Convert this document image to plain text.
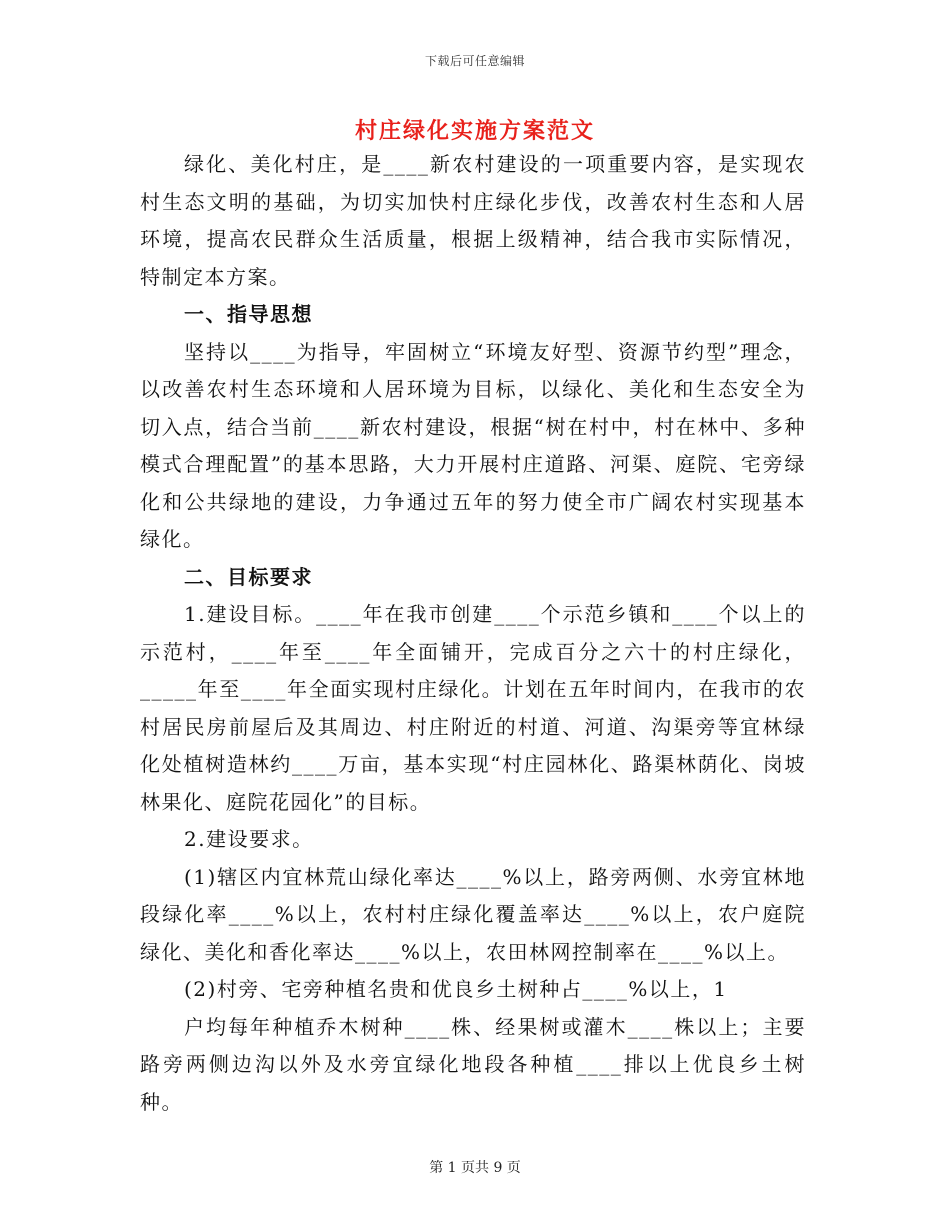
下载后可任意编辑
村庄绿化实施方案范文

绿化、美化村庄，是____新农村建设的一项重要内容，是实现农村生态文明的基础，为切实加快村庄绿化步伐，改善农村生态和人居环境，提高农民群众生活质量，根据上级精神，结合我市实际情况，特制定本方案。

一、指导思想

坚持以____为指导，牢固树立“环境友好型、资源节约型”理念，以改善农村生态环境和人居环境为目标，以绿化、美化和生态安全为切入点，结合当前____新农村建设，根据“树在村中，村在林中、多种模式合理配置”的基本思路，大力开展村庄道路、河渠、庭院、宅旁绿化和公共绿地的建设，力争通过五年的努力使全市广阔农村实现基本绿化。

二、目标要求

1.建设目标。____年在我市创建____个示范乡镇和____个以上的示范村，____年至____年全面铺开，完成百分之六十的村庄绿化，_____年至____年全面实现村庄绿化。计划在五年时间内，在我市的农村居民房前屋后及其周边、村庄附近的村道、河道、沟渠旁等宜林绿化处植树造林约____万亩，基本实现“村庄园林化、路渠林荫化、岗坡林果化、庭院花园化”的目标。

2.建设要求。

(1)辖区内宜林荒山绿化率达____%以上，路旁两侧、水旁宜林地段绿化率____%以上，农村村庄绿化覆盖率达____%以上，农户庭院绿化、美化和香化率达____%以上，农田林网控制率在____%以上。

(2)村旁、宅旁种植名贵和优良乡土树种占____%以上，1

户均每年种植乔木树种____株、经果树或灌木____株以上；主要路旁两侧边沟以外及水旁宜绿化地段各种植____排以上优良乡土树种。

第 1 页共 9 页
